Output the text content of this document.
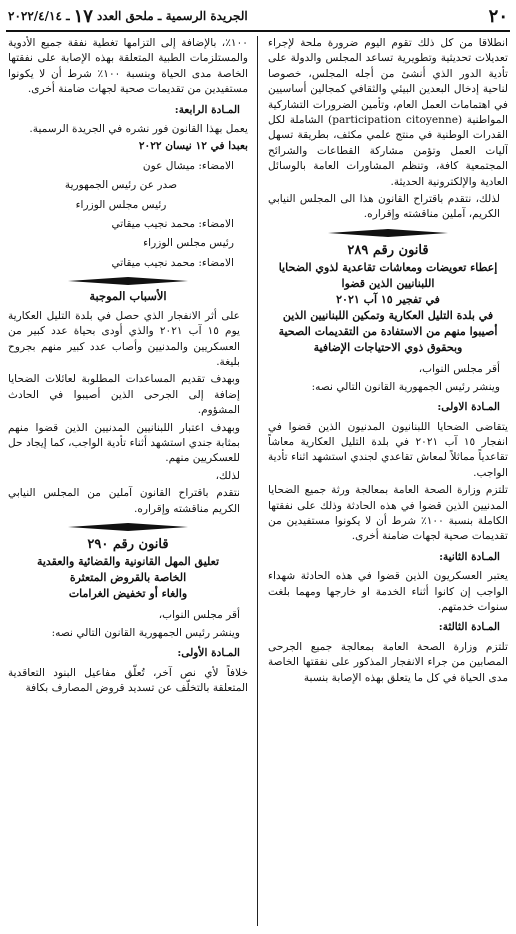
٢٠
الجريدة الرسمية ـ ملحق العدد
١٧
ـ ٢٠٢٢/٤/١٤

انطلاقا من كل ذلك تقوم اليوم ضرورة ملحة لإجراء تعديلات تحديثية وتطويرية تساعد المجلس والدولة على تأدية الدور الذي أنشئ من أجله المجلس، خصوصا لناحية إدخال البعدين البيئي والثقافي كمجالين أساسيين في اهتمامات العمل العام، وتأمين الضرورات التشاركية المواطنية (participation citoyenne) الشاملة لكل القدرات الوطنية في منتج علمي مكثف، بطريقة تسهل آليات العمل وتؤمن مشاركة القطاعات والشرائح المجتمعية كافة، وتنظم المشاورات العامة بالوسائل العادية والإلكترونية الحديثة.

لذلك، نتقدم باقتراح القانون هذا الى المجلس النيابي الكريم، آملين مناقشته وإقراره.

قانون رقم ٢٨٩
إعطاء تعويضات ومعاشات تقاعدية لذوي الضحايا اللبنانيين الذين قضوا
في تفجير ١٥ آب ٢٠٢١
في بلدة التليل العكارية وتمكين اللبنانيين الذين أصيبوا منهم من الاستفادة من التقديمات الصحية وبحقوق ذوي الاحتياجات الإضافية

أقر مجلس النواب،

وينشر رئيس الجمهورية القانون التالي نصه:

المـادة الاولى:

يتقاضى الضحايا اللبنانيون المدنيون الذين قضوا في انفجار ١٥ آب ٢٠٢١ في بلدة التليل العكارية معاشاً تقاعدياً مماثلاً لمعاش تقاعدي لجندي استشهد اثناء تأدية الواجب.

تلتزم وزارة الصحة العامة بمعالجة ورثة جميع الضحايا المدنيين الذين قضوا في هذه الحادثة وذلك على نفقتها الكاملة بنسبة ١٠٠٪ شرط أن لا يكونوا مستفيدين من تقديمات صحية لجهات ضامنة أخرى.

المـادة الثانية:

يعتبر العسكريون الذين قضوا في هذه الحادثة شهداء الواجب إن كانوا أثناء الخدمة او خارجها ومهما بلغت سنوات خدمتهم.

المـادة الثالثة:

تلتزم وزارة الصحة العامة بمعالجة جميع الجرحى المصابين من جراء الانفجار المذكور على نفقتها الخاصة مدى الحياة في كل ما يتعلق بهذه الإصابة بنسبة

١٠٠٪، بالإضافة إلى التزامها تغطية نفقة جميع الأدوية والمستلزمات الطبية المتعلقة بهذه الإصابة على نفقتها الخاصة مدى الحياة وبنسبة ١٠٠٪ شرط أن لا يكونوا مستفيدين من تقديمات صحية لجهات ضامنة أخرى.

المـادة الرابعة:

يعمل بهذا القانون فور نشره في الجريدة الرسمية.

بعبدا في ١٢ نيسان ٢٠٢٢

الامضاء: ميشال عون

صدر عن رئيس الجمهورية

رئيس مجلس الوزراء

الامضاء: محمد نجيب ميقاتي

رئيس مجلس الوزراء

الامضاء: محمد نجيب ميقاتي

الأسباب الموجبة

على أثر الانفجار الذي حصل في بلدة التليل العكارية يوم ١٥ آب ٢٠٢١ والذي أودى بحياة عدد كبير من العسكريين والمدنيين وأصاب عدد كبير منهم بجروح بليغة.

وبهدف تقديم المساعدات المطلوبة لعائلات الضحايا إضافة إلى الجرحى الذين أصيبوا في الحادث المشؤوم.

وبهدف اعتبار اللبنانيين المدنيين الذين قضوا منهم بمثابة جندي استشهد أثناء تأدية الواجب، كما إيجاد حل للعسكريين منهم.

لذلك،

نتقدم باقتراح القانون آملين من المجلس النيابي الكريم مناقشته وإقراره.

قانون رقم ٢٩٠
تعليق المهل القانونية والقضائية والعقدية
الخاصة بالقروض المتعثرة
والغاء أو تخفيض الغرامات

أقر مجلس النواب،

وينشر رئيس الجمهورية القانون التالي نصه:

المـادة الأولى:

خلافاً لأي نص آخر، تُعلّق مفاعيل البنود التعاقدية المتعلقة بالتخلّف عن تسديد قروض المصارف بكافة
